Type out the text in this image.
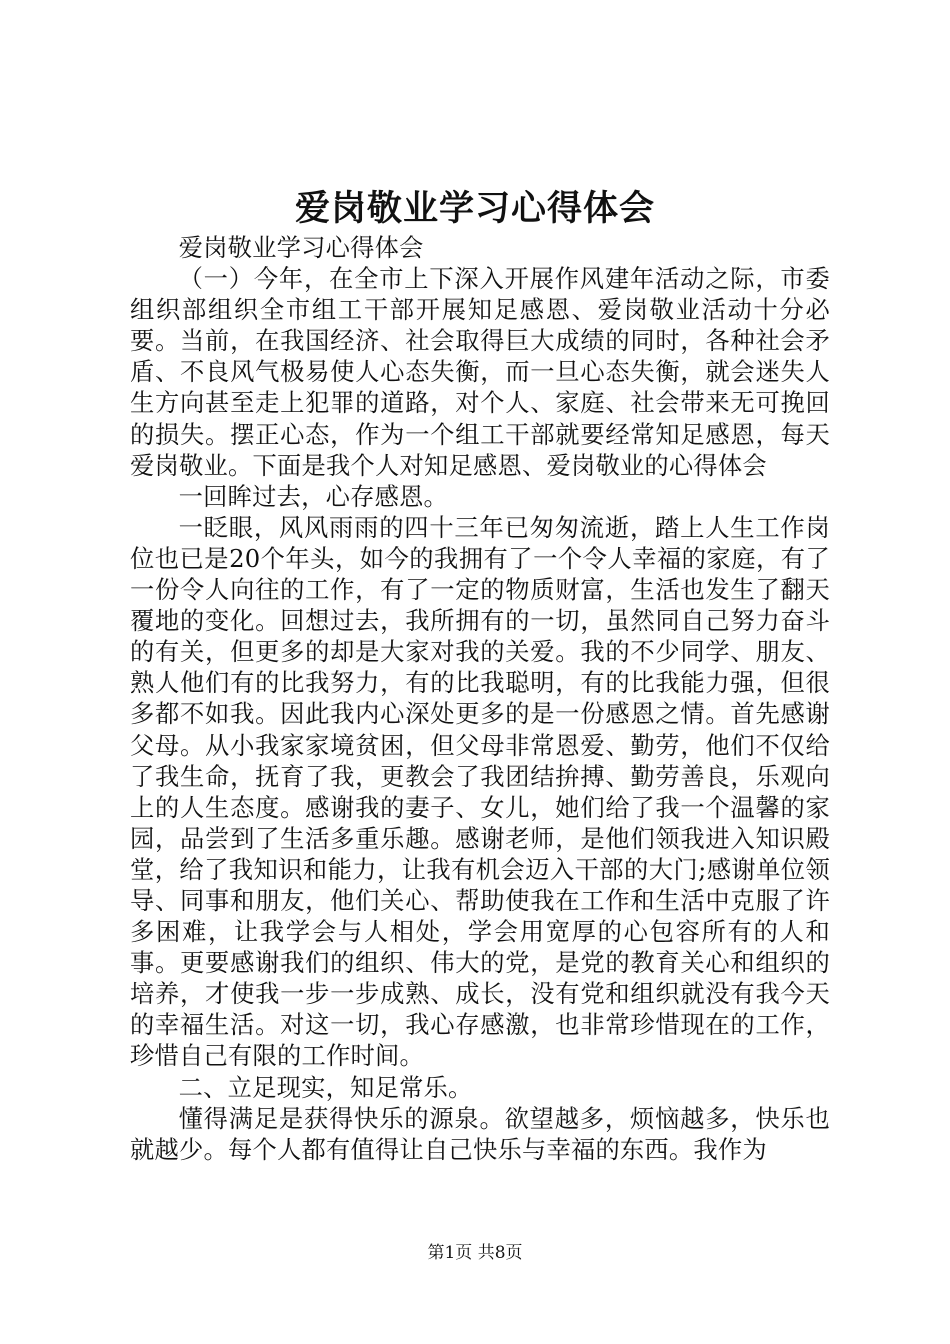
爱岗敬业学习心得体会

爱岗敬业学习心得体会

（一）今年，在全市上下深入开展作风建年活动之际，市委组织部组织全市组工干部开展知足感恩、爱岗敬业活动十分必要。当前，在我国经济、社会取得巨大成绩的同时，各种社会矛盾、不良风气极易使人心态失衡，而一旦心态失衡，就会迷失人生方向甚至走上犯罪的道路，对个人、家庭、社会带来无可挽回的损失。摆正心态，作为一个组工干部就要经常知足感恩，每天爱岗敬业。下面是我个人对知足感恩、爱岗敬业的心得体会

一回眸过去，心存感恩。

一眨眼，风风雨雨的四十三年已匆匆流逝，踏上人生工作岗位也已是20个年头，如今的我拥有了一个令人幸福的家庭，有了一份令人向往的工作，有了一定的物质财富，生活也发生了翻天覆地的变化。回想过去，我所拥有的一切，虽然同自己努力奋斗的有关，但更多的却是大家对我的关爱。我的不少同学、朋友、熟人他们有的比我努力，有的比我聪明，有的比我能力强，但很多都不如我。因此我内心深处更多的是一份感恩之情。首先感谢父母。从小我家家境贫困，但父母非常恩爱、勤劳，他们不仅给了我生命，抚育了我，更教会了我团结拚搏、勤劳善良，乐观向上的人生态度。感谢我的妻子、女儿，她们给了我一个温馨的家园，品尝到了生活多重乐趣。感谢老师，是他们领我进入知识殿堂，给了我知识和能力，让我有机会迈入干部的大门;感谢单位领导、同事和朋友，他们关心、帮助使我在工作和生活中克服了许多困难，让我学会与人相处，学会用宽厚的心包容所有的人和事。更要感谢我们的组织、伟大的党，是党的教育关心和组织的培养，才使我一步一步成熟、成长，没有党和组织就没有我今天的幸福生活。对这一切，我心存感激，也非常珍惜现在的工作，珍惜自己有限的工作时间。

二、立足现实，知足常乐。

懂得满足是获得快乐的源泉。欲望越多，烦恼越多，快乐也就越少。每个人都有值得让自己快乐与幸福的东西。我作为

第1页 共8页
